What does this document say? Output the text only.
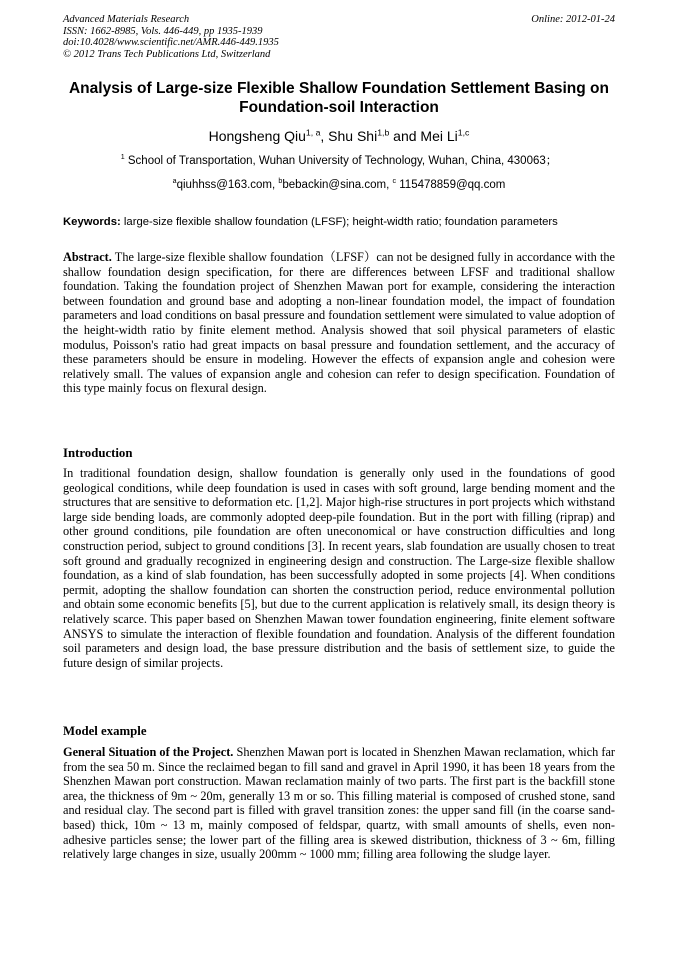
Advanced Materials Research
ISSN: 1662-8985, Vols. 446-449, pp 1935-1939
doi:10.4028/www.scientific.net/AMR.446-449.1935
© 2012 Trans Tech Publications Ltd, Switzerland
Online: 2012-01-24
Analysis of Large-size Flexible Shallow Foundation Settlement Basing on Foundation-soil Interaction
Hongsheng Qiu$^{1, a}$, Shu Shi$^{1,b}$ and Mei Li$^{1,c}$
$^1$ School of Transportation, Wuhan University of Technology, Wuhan, China, 430063；
$^a$qiuhhss@163.com, $^b$bebackin@sina.com, $^c$ 115478859@qq.com
Keywords: large-size flexible shallow foundation (LFSF); height-width ratio; foundation parameters
Abstract. The large-size flexible shallow foundation（LFSF）can not be designed fully in accordance with the shallow foundation design specification, for there are differences between LFSF and traditional shallow foundation. Taking the foundation project of Shenzhen Mawan port for example, considering the interaction between foundation and ground base and adopting a non-linear foundation model, the impact of foundation parameters and load conditions on basal pressure and foundation settlement were simulated to value adoption of the height-width ratio by finite element method. Analysis showed that soil physical parameters of elastic modulus, Poisson's ratio had great impacts on basal pressure and foundation settlement, and the accuracy of these parameters should be ensure in modeling. However the effects of expansion angle and cohesion were relatively small. The values of expansion angle and cohesion can refer to design specification. Foundation of this type mainly focus on flexural design.
Introduction
In traditional foundation design, shallow foundation is generally only used in the foundations of good geological conditions, while deep foundation is used in cases with soft ground, large bending moment and the structures that are sensitive to deformation etc. [1,2]. Major high-rise structures in port projects which withstand large side bending loads, are commonly adopted deep-pile foundation. But in the port with filling (riprap) and other ground conditions, pile foundation are often uneconomical or have construction difficulties and long construction period, subject to ground conditions [3]. In recent years, slab foundation are usually chosen to treat soft ground and gradually recognized in engineering design and construction. The Large-size flexible shallow foundation, as a kind of slab foundation, has been successfully adopted in some projects [4]. When conditions permit, adopting the shallow foundation can shorten the construction period, reduce environmental pollution and obtain some economic benefits [5], but due to the current application is relatively small, its design theory is relatively scarce. This paper based on Shenzhen Mawan tower foundation engineering, finite element software ANSYS to simulate the interaction of flexible foundation and foundation. Analysis of the different foundation soil parameters and design load, the base pressure distribution and the basis of settlement size, to guide the future design of similar projects.
Model example
General Situation of the Project. Shenzhen Mawan port is located in Shenzhen Mawan reclamation, which far from the sea 50 m. Since the reclaimed began to fill sand and gravel in April 1990, it has been 18 years from the Shenzhen Mawan port construction. Mawan reclamation mainly of two parts. The first part is the backfill stone area, the thickness of 9m ~ 20m, generally 13 m or so. This filling material is composed of crushed stone, sand and residual clay. The second part is filled with gravel transition zones: the upper sand fill (in the coarse sand-based) thick, 10m ~ 13 m, mainly composed of feldspar, quartz, with small amounts of shells, even non-adhesive particles sense; the lower part of the filling area is skewed distribution, thickness of 3 ~ 6m, filling relatively large changes in size, usually 200mm ~ 1000 mm; filling area following the sludge layer.
